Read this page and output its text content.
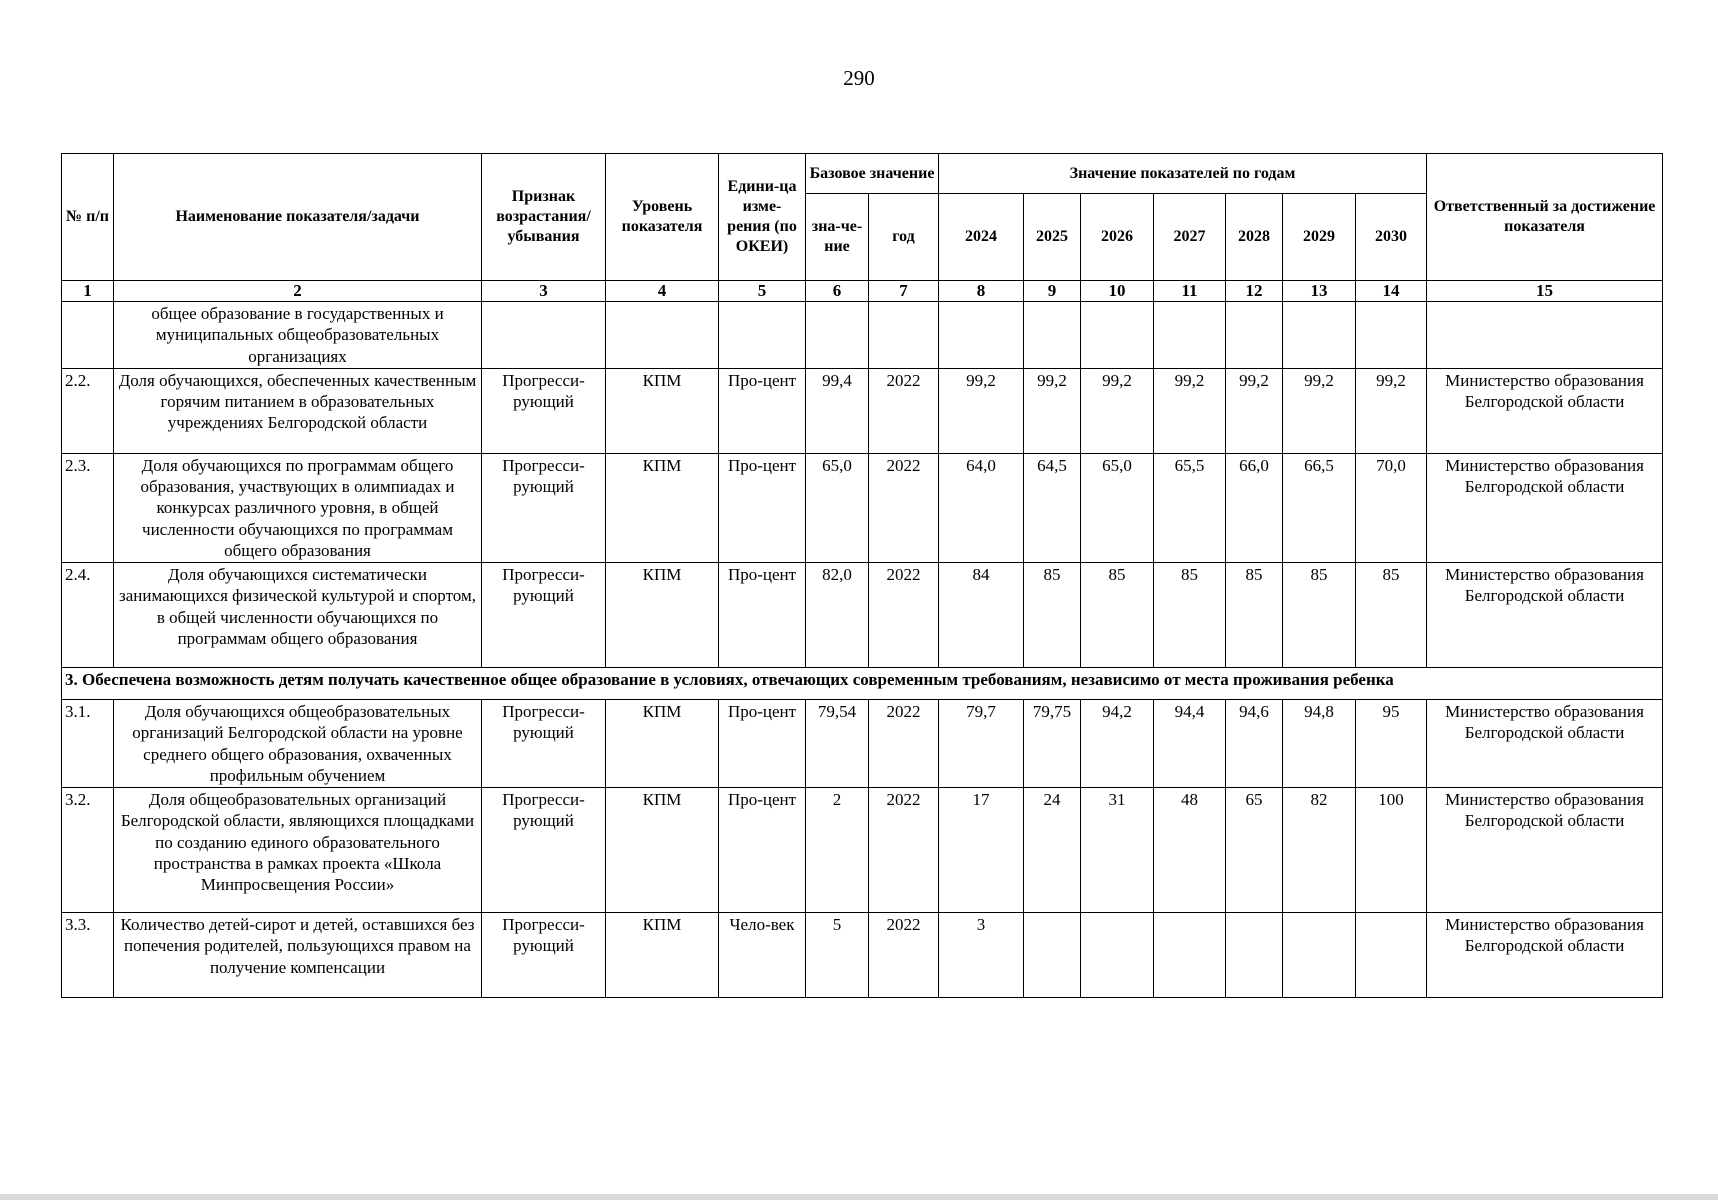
290
№ п/п	Наименование показателя/задачи	Признак возрастания/ убывания	Уровень показателя	Едини-ца изме-рения (по ОКЕИ)	Базовое значение		Значение показателей по годам							Ответственный за достижение показателя
					зна-че-ние	год	2024	2025	2026	2027	2028	2029	2030	
1	2	3	4	5	6	7	8	9	10	11	12	13	14	15
	общее образование в государственных и муниципальных общеобразовательных организациях													
2.2.	Доля обучающихся, обеспеченных качественным горячим питанием в образовательных учреждениях Белгородской области	Прогресси-рующий	КПМ	Про-цент	99,4	2022	99,2	99,2	99,2	99,2	99,2	99,2	99,2	Министерство образования Белгородской области
2.3.	Доля обучающихся по программам общего образования, участвующих в олимпиадах и конкурсах различного уровня, в общей численности обучающихся по программам общего образования	Прогресси-рующий	КПМ	Про-цент	65,0	2022	64,0	64,5	65,0	65,5	66,0	66,5	70,0	Министерство образования Белгородской области
2.4.	Доля обучающихся систематически занимающихся физической культурой и спортом, в общей численности обучающихся по программам общего образования	Прогресси-рующий	КПМ	Про-цент	82,0	2022	84	85	85	85	85	85	85	Министерство образования Белгородской области
3. Обеспечена возможность детям получать качественное общее образование в условиях, отвечающих современным требованиям, независимо от места проживания ребенка														
3.1.	Доля обучающихся общеобразовательных организаций Белгородской области на уровне среднего общего образования, охваченных профильным обучением	Прогресси-рующий	КПМ	Про-цент	79,54	2022	79,7	79,75	94,2	94,4	94,6	94,8	95	Министерство образования Белгородской области
3.2.	Доля общеобразовательных организаций Белгородской области, являющихся площадками по созданию единого образовательного пространства в рамках проекта «Школа Минпросвещения России»	Прогресси-рующий	КПМ	Про-цент	2	2022	17	24	31	48	65	82	100	Министерство образования Белгородской области
3.3.	Количество детей-сирот и детей, оставшихся без попечения родителей, пользующихся правом на получение компенсации	Прогресси-рующий	КПМ	Чело-век	5	2022	3							Министерство образования Белгородской области
